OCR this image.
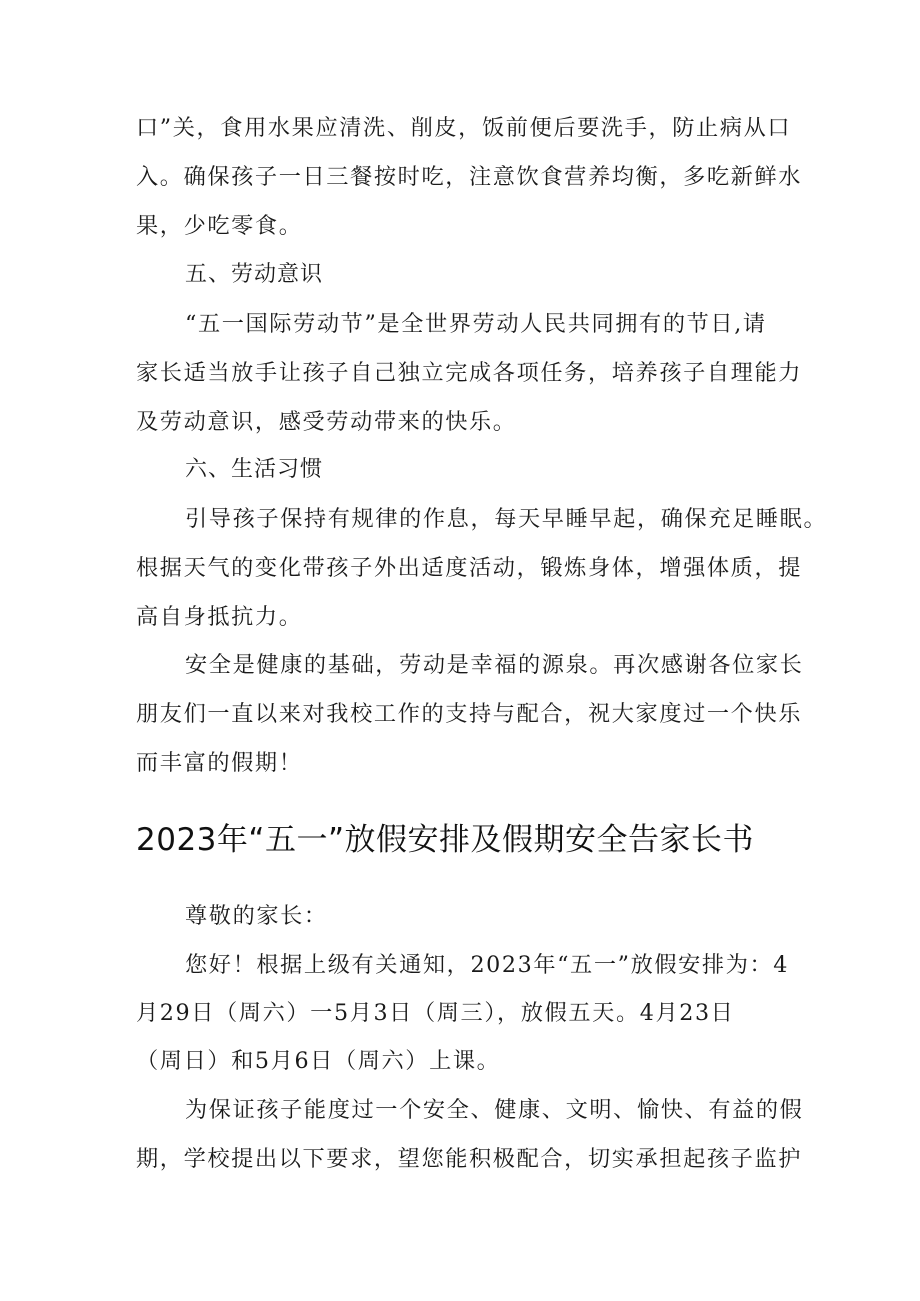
口”关，食用水果应清洗、削皮，饭前便后要洗手，防止病从口
入。确保孩子一日三餐按时吃，注意饮食营养均衡，多吃新鲜水
果，少吃零食。
五、劳动意识
“五一国际劳动节”是全世界劳动人民共同拥有的节日,请
家长适当放手让孩子自己独立完成各项任务，培养孩子自理能力
及劳动意识，感受劳动带来的快乐。
六、生活习惯
引导孩子保持有规律的作息，每天早睡早起，确保充足睡眠。
根据天气的变化带孩子外出适度活动，锻炼身体，增强体质，提
高自身抵抗力。
安全是健康的基础，劳动是幸福的源泉。再次感谢各位家长
朋友们一直以来对我校工作的支持与配合，祝大家度过一个快乐
而丰富的假期！
2023年“五一”放假安排及假期安全告家长书
尊敬的家长：
您好！根据上级有关通知，2023年“五一”放假安排为：4
月29日（周六）一5月3日（周三），放假五天。4月23日
（周日）和5月6日（周六）上课。
为保证孩子能度过一个安全、健康、文明、愉快、有益的假
期，学校提出以下要求，望您能积极配合，切实承担起孩子监护
